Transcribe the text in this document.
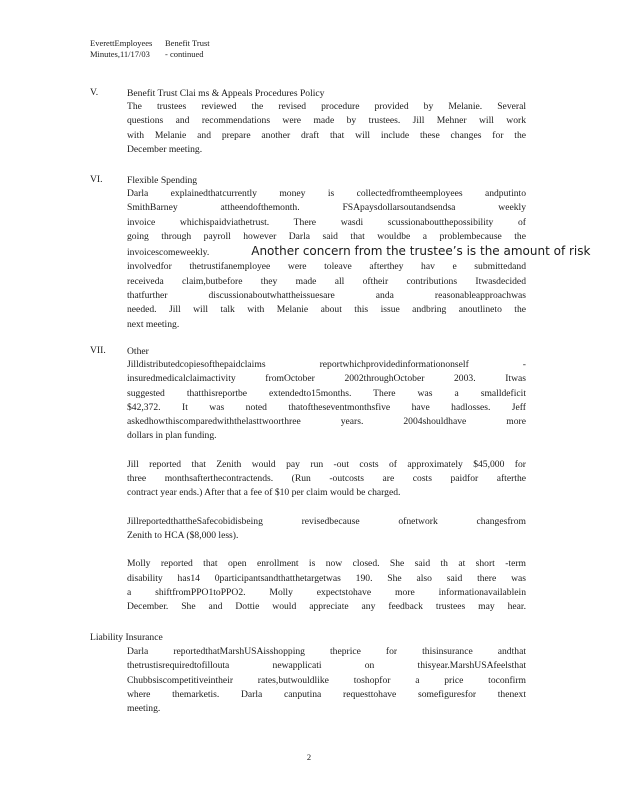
EverettEmployees Benefit Trust
Minutes,11/17/03 - continued
V.	Benefit Trust Clai ms & Appeals Procedures Policy
The trustees reviewed the revised procedure provided by Melanie. Several
questions and recommendations were made by trustees. Jill Mehner will work
with Melanie and prepare another draft that will include these changes for the
December meeting.
VI.	Flexible Spending
Darla explainedthatcurrently money is collectedfromtheemployees andputinto
SmithBarney attheendofthemonth. FSApaysdollarsoutandsendsa weekly
invoice whichispaidviathetrust. There wasdi scussionaboutthepossibility of
going through payroll however Darla said that wouldbe a problembecause the
invoicescomeweekly.	Another concern from the trustee’s is the amount of risk
involvedfor thetrustifanemployee were toleave afterthey hav e submittedand
receiveda claim,butbefore they made all oftheir contributions Itwasdecided
thatfurther discussionaboutwhattheissuesare anda reasonableapproachwas
needed. Jill will talk with Melanie about this issue andbring anoutlineto the
next meeting.
VII. Other
Jilldistributedcopiesofthepaidclaims reportwhichprovidedinformationonself -
insuredmedicalclaimactivity fromOctober 2002throughOctober 2003. Itwas
suggested thatthisreportbe extendedto15months. There was a smalldeficit
$42,372. It was noted thatoftheseventmonthsfive have hadlosses. Jeff
askedhowthiscomparedwiththelasttwoorthree years. 2004shouldhave more
dollars in plan funding.
Jill reported that Zenith would pay run -out costs of approximately $45,000 for
three monthsafterthecontractends. (Run -outcosts are costs paidfor afterthe
contract year ends.) After that a fee of $10 per claim would be charged.
JillreportedthattheSafecobidisbeing revisedbecause ofnetwork changesfrom
Zenith to HCA ($8,000 less).
Molly reported that open enrollment is now closed. She said th at short -term
disability has14 0participantsandthatthetargetwas 190. She also said there was
a shiftfromPPO1toPPO2. Molly expectstohave more informationavailablein
December. She and Dottie would appreciate any feedback trustees may hear.
Liability Insurance
Darla reportedthatMarshUSAisshopping theprice for thisinsurance andthat
thetrustisrequiredtofillouta newapplicati on thisyear.MarshUSAfeelsthat
Chubbsiscompetitiveintheir rates,butwouldlike toshopfor a price toconfirm
where themarketis. Darla canputina requesttohave somefiguresfor thenext
meeting.
2
